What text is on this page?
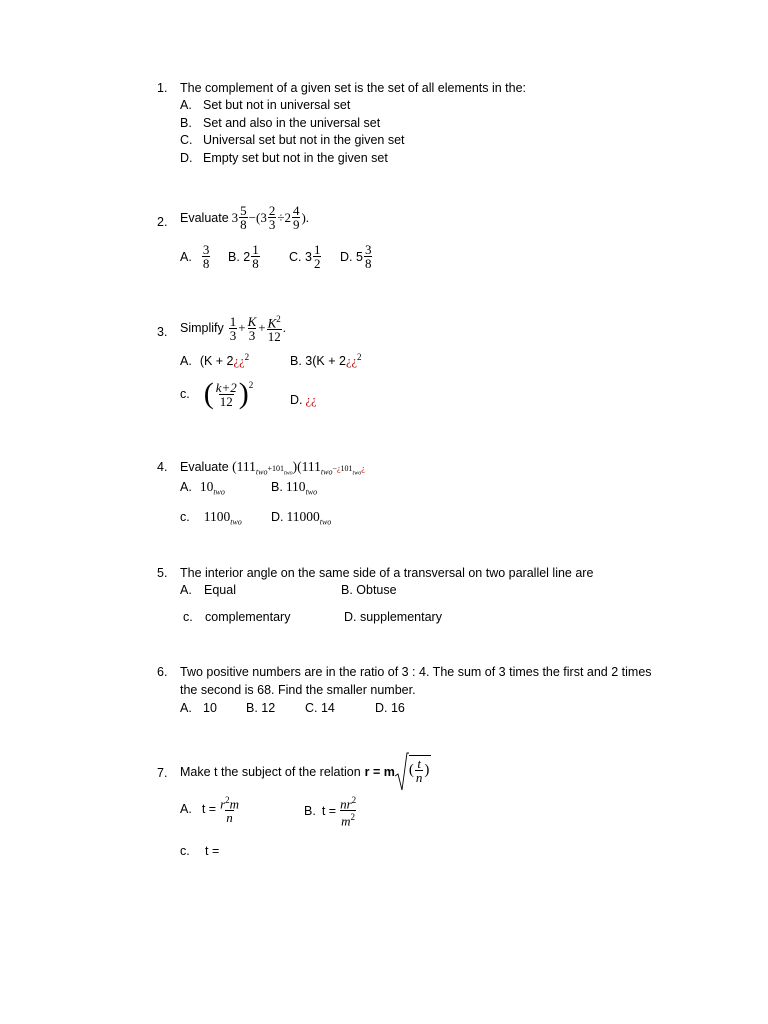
1. The complement of a given set is the set of all elements in the:
A. Set but not in universal set
B. Set and also in the universal set
C. Universal set but not in the given set
D. Empty set but not in the given set
2. Evaluate $3 \frac{5}{8} -(3 \frac{2}{3} \div 2 \frac{4}{9}$ ).
A. $\frac{3}{8} B$. $2 \frac{1}{8} C$. $3 \frac{1}{2} D$. $5 \frac{3}{8}$
3. Simplify $\frac{1}{3} + \frac{K}{3} + \frac{K^2}{12}$ .
A. (K + 2¿¿$^2$	B. 3(K + 2¿¿$^2$
c. ( $\frac{k+2}{12}$ ) 2
D. ¿¿
4. Evaluate $(111_{two}+101_{two})(111_{two}-¿101_{two}¿$
A. $10_{two}$	B. $110_{two}$
c. $1100_{two}$ D. $11000_{two}$
5. The interior angle on the same side of a transversal on two parallel line are
A. Equal	B. Obtuse
c. complementary	D. supplementary
6. Two positive numbers are in the ratio of 3 : 4. The sum of 3 times the first and 2 times
the second is 68. Find the smaller number.
A. 10 B. 12 C. 14	D. 16
7. Make t the subject of the relation r = m ( $\frac{t}{n}$ )
A. $t = \frac{r^2m}{n}$	B. $t = \frac{nr^2}{m^2}$
c. t =
